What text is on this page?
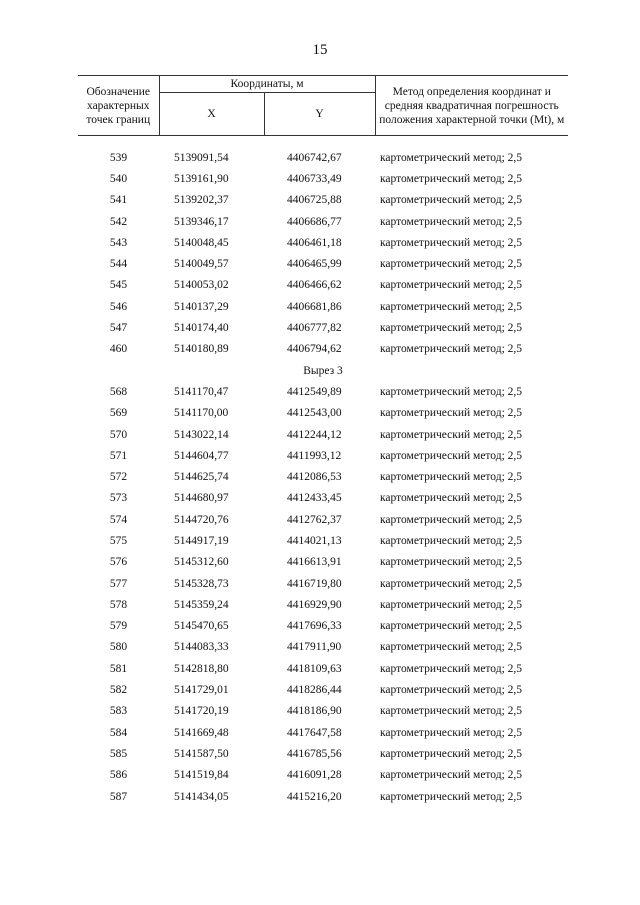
15
Обозначение характерных точек границ	Координаты, м		Метод определения координат и средняя квадратичная погрешность положения характерной точки (Mt), м
	X	Y	

539	5139091,54	4406742,67	картометрический метод; 2,5
540	5139161,90	4406733,49	картометрический метод; 2,5
541	5139202,37	4406725,88	картометрический метод; 2,5
542	5139346,17	4406686,77	картометрический метод; 2,5
543	5140048,45	4406461,18	картометрический метод; 2,5
544	5140049,57	4406465,99	картометрический метод; 2,5
545	5140053,02	4406466,62	картометрический метод; 2,5
546	5140137,29	4406681,86	картометрический метод; 2,5
547	5140174,40	4406777,82	картометрический метод; 2,5
460	5140180,89	4406794,62	картометрический метод; 2,5
Вырез 3			
568	5141170,47	4412549,89	картометрический метод; 2,5
569	5141170,00	4412543,00	картометрический метод; 2,5
570	5143022,14	4412244,12	картометрический метод; 2,5
571	5144604,77	4411993,12	картометрический метод; 2,5
572	5144625,74	4412086,53	картометрический метод; 2,5
573	5144680,97	4412433,45	картометрический метод; 2,5
574	5144720,76	4412762,37	картометрический метод; 2,5
575	5144917,19	4414021,13	картометрический метод; 2,5
576	5145312,60	4416613,91	картометрический метод; 2,5
577	5145328,73	4416719,80	картометрический метод; 2,5
578	5145359,24	4416929,90	картометрический метод; 2,5
579	5145470,65	4417696,33	картометрический метод; 2,5
580	5144083,33	4417911,90	картометрический метод; 2,5
581	5142818,80	4418109,63	картометрический метод; 2,5
582	5141729,01	4418286,44	картометрический метод; 2,5
583	5141720,19	4418186,90	картометрический метод; 2,5
584	5141669,48	4417647,58	картометрический метод; 2,5
585	5141587,50	4416785,56	картометрический метод; 2,5
586	5141519,84	4416091,28	картометрический метод; 2,5
587	5141434,05	4415216,20	картометрический метод; 2,5
